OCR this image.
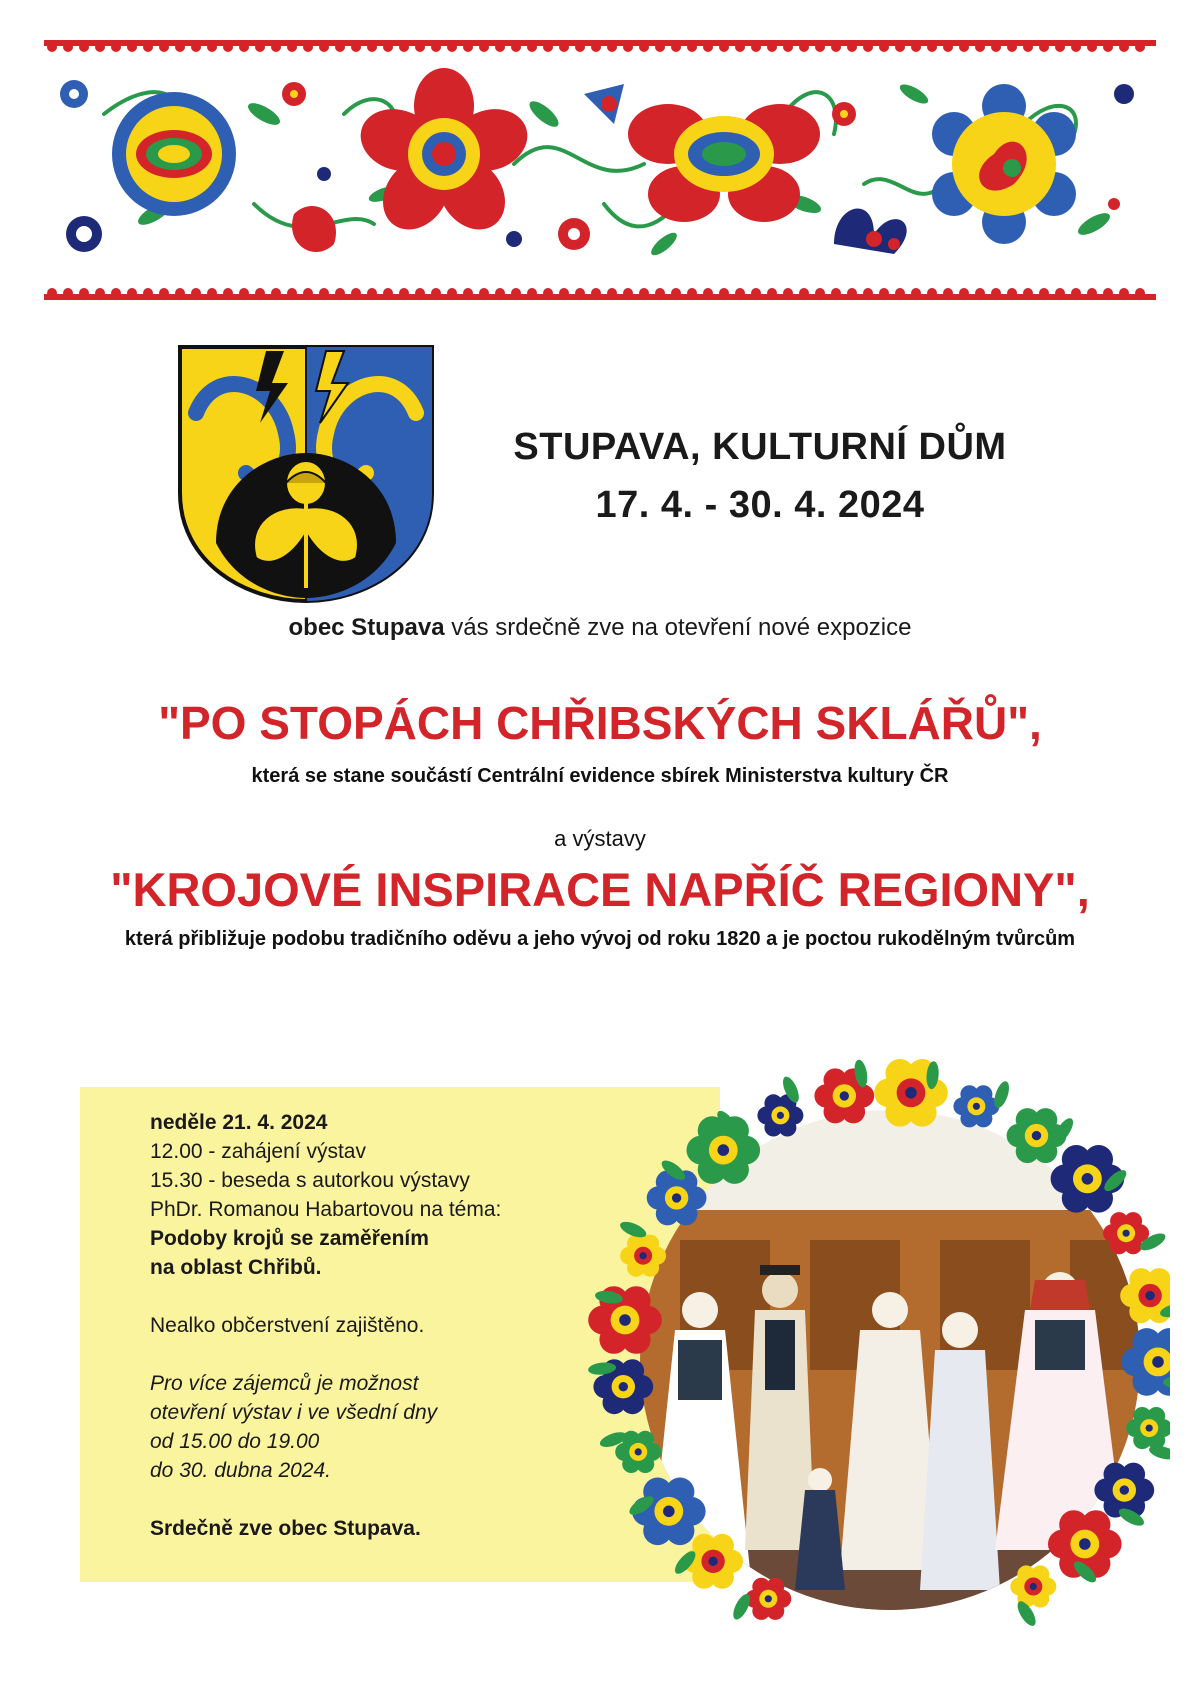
STUPAVA, KULTURNÍ DŮM
17. 4. - 30. 4. 2024
obec Stupava vás srdečně zve na otevření nové expozice
"PO STOPÁCH CHŘIBSKÝCH SKLÁŘŮ",
která se stane součástí Centrální evidence sbírek Ministerstva kultury ČR
a výstavy
"KROJOVÉ INSPIRACE NAPŘÍČ REGIONY",
která přibližuje podobu tradičního oděvu a jeho vývoj od roku 1820 a je poctou rukodělným tvůrcům
neděle 21. 4. 2024
12.00 - zahájení výstav
15.30 - beseda s autorkou výstavy
PhDr. Romanou Habartovou na téma:
Podoby krojů se zaměřením
na oblast Chřibů.
Nealko občerstvení zajištěno.
Pro více zájemců je možnost
otevření výstav i ve všední dny
od 15.00 do 19.00
do 30. dubna 2024.
Srdečně zve obec Stupava.
